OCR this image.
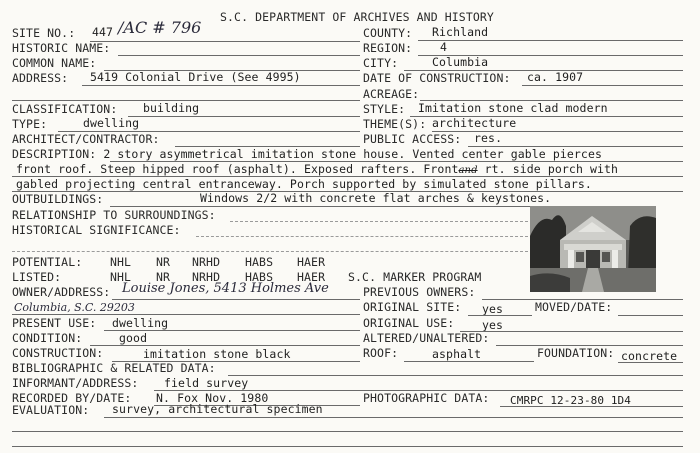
S.C. DEPARTMENT OF ARCHIVES AND HISTORY
SITE NO.: 447 /AC # 796	COUNTY: Richland
HISTORIC NAME:	REGION: 4
COMMON NAME:	CITY:	Columbia
ADDRESS: 5419 Colonial Drive (See 4995)	DATE OF CONSTRUCTION: ca. 1907
ACREAGE:
CLASSIFICATION: building	STYLE: Imitation stone clad modern
TYPE:	dwelling	THEME(S): architecture
ARCHITECT/CONTRACTOR:	PUBLIC ACCESS: res.
DESCRIPTION: 2 story asymmetrical imitation stone house. Vented center gable pierces
front roof. Steep hipped roof (asphalt). Exposed rafters. Frontand rt. side porch with
gabled projecting central entranceway. Porch supported by simulated stone pillars.
OUTBUILDINGS:	Windows 2/2 with concrete flat arches & keystones.
RELATIONSHIP TO SURROUNDINGS:
HISTORICAL SIGNIFICANCE:
POTENTIAL: NHL NR NRHD HABS HAER
LISTED:	NHL NR NRHD HABS HAER S.C. MARKER PROGRAM
OWNER/ADDRESS: Louise Jones, 5413 Holmes Ave
Columbia, S.C. 29203
PREVIOUS OWNERS:
ORIGINAL SITE: yes	MOVED/DATE:
PRESENT USE: dwelling	ORIGINAL USE: yes
CONDITION:	good	ALTERED/UNALTERED:
CONSTRUCTION:	imitation stone black	ROOF:	asphalt	FOUNDATION: concrete
BIBLIOGRAPHIC & RELATED DATA:
INFORMANT/ADDRESS: field survey
RECORDED BY/DATE: N. Fox Nov. 1980	PHOTOGRAPHIC DATA: CMRPC 12-23-80 1D4
EVALUATION: survey, architectural specimen
